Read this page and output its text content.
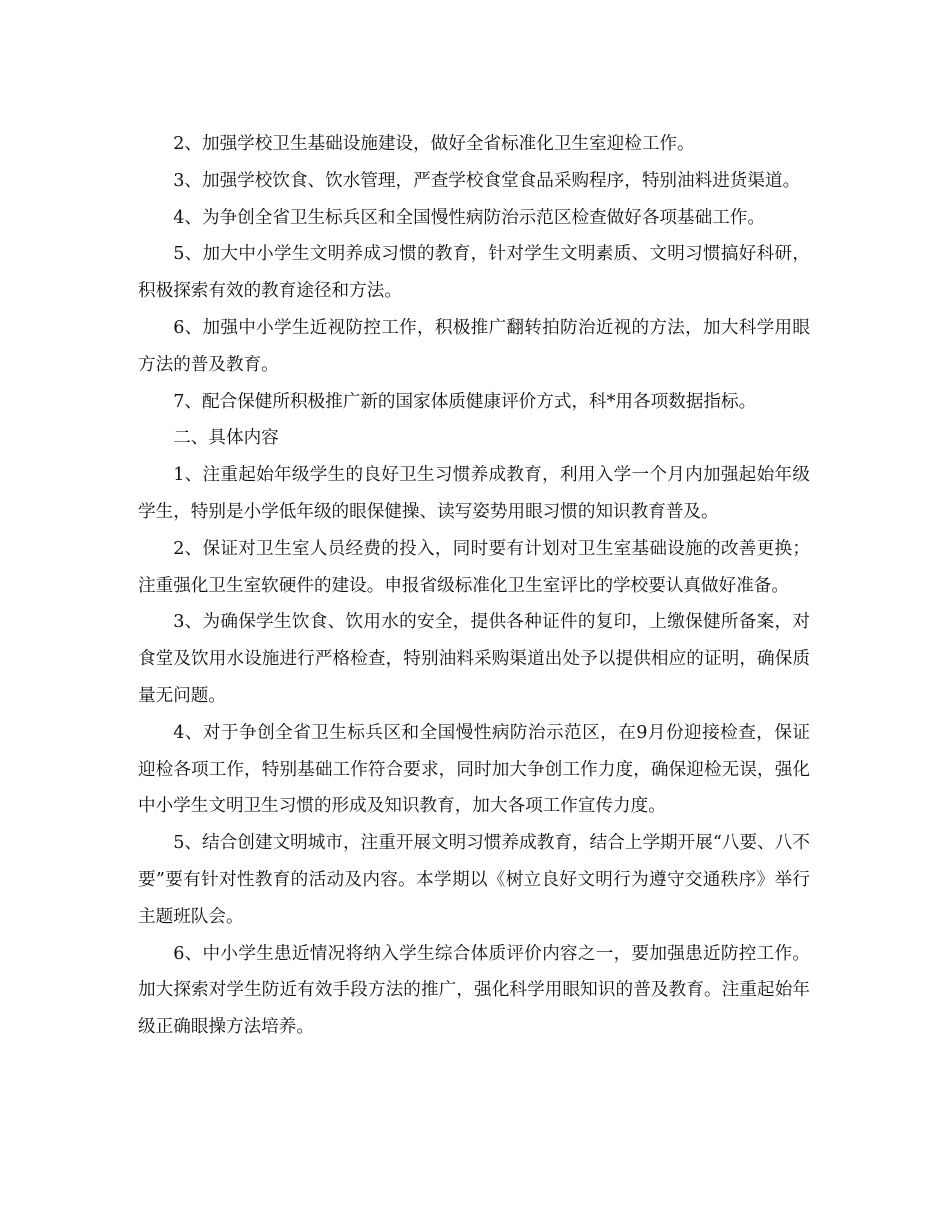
2、加强学校卫生基础设施建设，做好全省标准化卫生室迎检工作。

3、加强学校饮食、饮水管理，严查学校食堂食品采购程序，特别油料进货渠道。

4、为争创全省卫生标兵区和全国慢性病防治示范区检查做好各项基础工作。

5、加大中小学生文明养成习惯的教育，针对学生文明素质、文明习惯搞好科研，积极探索有效的教育途径和方法。

6、加强中小学生近视防控工作，积极推广翻转拍防治近视的方法，加大科学用眼方法的普及教育。

7、配合保健所积极推广新的国家体质健康评价方式，科*用各项数据指标。

二、具体内容

1、注重起始年级学生的良好卫生习惯养成教育，利用入学一个月内加强起始年级学生，特别是小学低年级的眼保健操、读写姿势用眼习惯的知识教育普及。

2、保证对卫生室人员经费的投入，同时要有计划对卫生室基础设施的改善更换；注重强化卫生室软硬件的建设。申报省级标准化卫生室评比的学校要认真做好准备。

3、为确保学生饮食、饮用水的安全，提供各种证件的复印，上缴保健所备案，对食堂及饮用水设施进行严格检查，特别油料采购渠道出处予以提供相应的证明，确保质量无问题。

4、对于争创全省卫生标兵区和全国慢性病防治示范区，在9月份迎接检查，保证迎检各项工作，特别基础工作符合要求，同时加大争创工作力度，确保迎检无误，强化中小学生文明卫生习惯的形成及知识教育，加大各项工作宣传力度。

5、结合创建文明城市，注重开展文明习惯养成教育，结合上学期开展“八要、八不要”要有针对性教育的活动及内容。本学期以《树立良好文明行为遵守交通秩序》举行主题班队会。

6、中小学生患近情况将纳入学生综合体质评价内容之一，要加强患近防控工作。加大探索对学生防近有效手段方法的推广，强化科学用眼知识的普及教育。注重起始年级正确眼操方法培养。
